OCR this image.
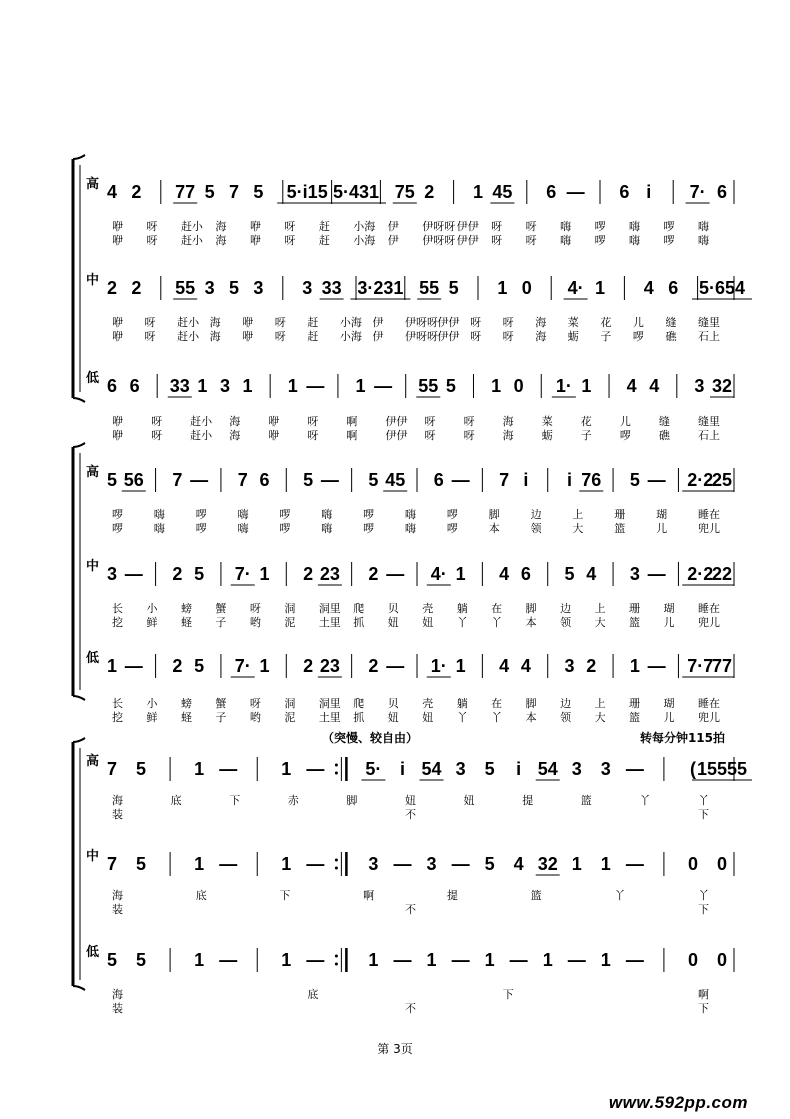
高 4 2 77 5 7 5 5·i15 5·431 75 2 1 45 6 — 6 i 7· 6
咿 呀 赶小 海 咿 呀 赶 小海 伊 伊呀呀 伊伊 呀 呀 嗨 啰 嗨 啰 嗨
咿 呀 赶小 海 咿 呀 赶 小海 伊 伊呀呀 伊伊 呀 呀 嗨 啰 嗨 啰 嗨
中 2 2 55 3 5 3 3 33 3·231 55 5 1 0 4· 1 4 6 5·654
咿 呀 赶小 海 咿 呀 赶 小海 伊 伊呀呀 伊伊 呀 呀 海 菜 花 儿 缝 缝里
咿 呀 赶小 海 咿 呀 赶 小海 伊 伊呀呀 伊伊 呀 呀 海 蛎 子 啰 礁 石上
低 6 6 33 1 3 1 1 — 1 — 55 5 1 0 1· 1 4 4 3 32
咿	呀	赶小 海	咿	呀	啊	伊伊 呀	呀	海	菜	花	儿	缝	缝里
咿	呀	赶小 海	咿	呀	啊	伊伊 呀	呀	海	蛎	子	啰	礁	石上
高 5 56 7 — 7 6 5 — 5 45 6 — 7 i i 76 5 — 2·2
25
啰	嗨	啰	嗨	啰	嗨	啰	嗨	啰	脚	边	上	珊	瑚	睡在
啰	嗨	啰	嗨	啰	嗨	啰	嗨	啰	本	领	大	篮	儿	兜儿
中 3 — 2 5 7· 1 2 23 2 — 4· 1 4 6 5 4 3 — 2·2
22
长 小 螃 蟹 呀 洞 洞里 爬 贝 壳 躺 在 脚 边 上 珊 瑚 睡在
挖 鲜 蛏 子 哟 泥 土里 抓 妞 妞 丫 丫 本 领 大 篮 儿 兜儿
低 1 — 2 5 7· 1 2 23 2 — 1· 1 4 4 3 2 1 — 7·7
77
长 小 螃 蟹 呀 洞 洞里 爬 贝 壳 躺 在 脚 边 上 珊 瑚 睡在
挖 鲜 蛏 子 哟 泥 土里 抓 妞 妞 丫 丫 本 领 大 篮 儿 兜儿
（突慢、较自由）	转每分钟115拍
高 7 5	1 — 1 — 5· i 54 3 5 i 54 3 3 —	( 15555
海	底	下	赤	脚	妞	妞	提	篮	丫	丫
装	不	下
中 7 5	1 — 1 — 3 — 3 — 5 4 32 1 1 — 0 0
海	底	下	啊	提	篮	丫	丫
装	不	下
低 5 5	1 — 1 — 1 — 1 — 1 — 1 — 1 — 0 0
海	底	下	啊
装	不	下
第 3页
www.592pp.com
